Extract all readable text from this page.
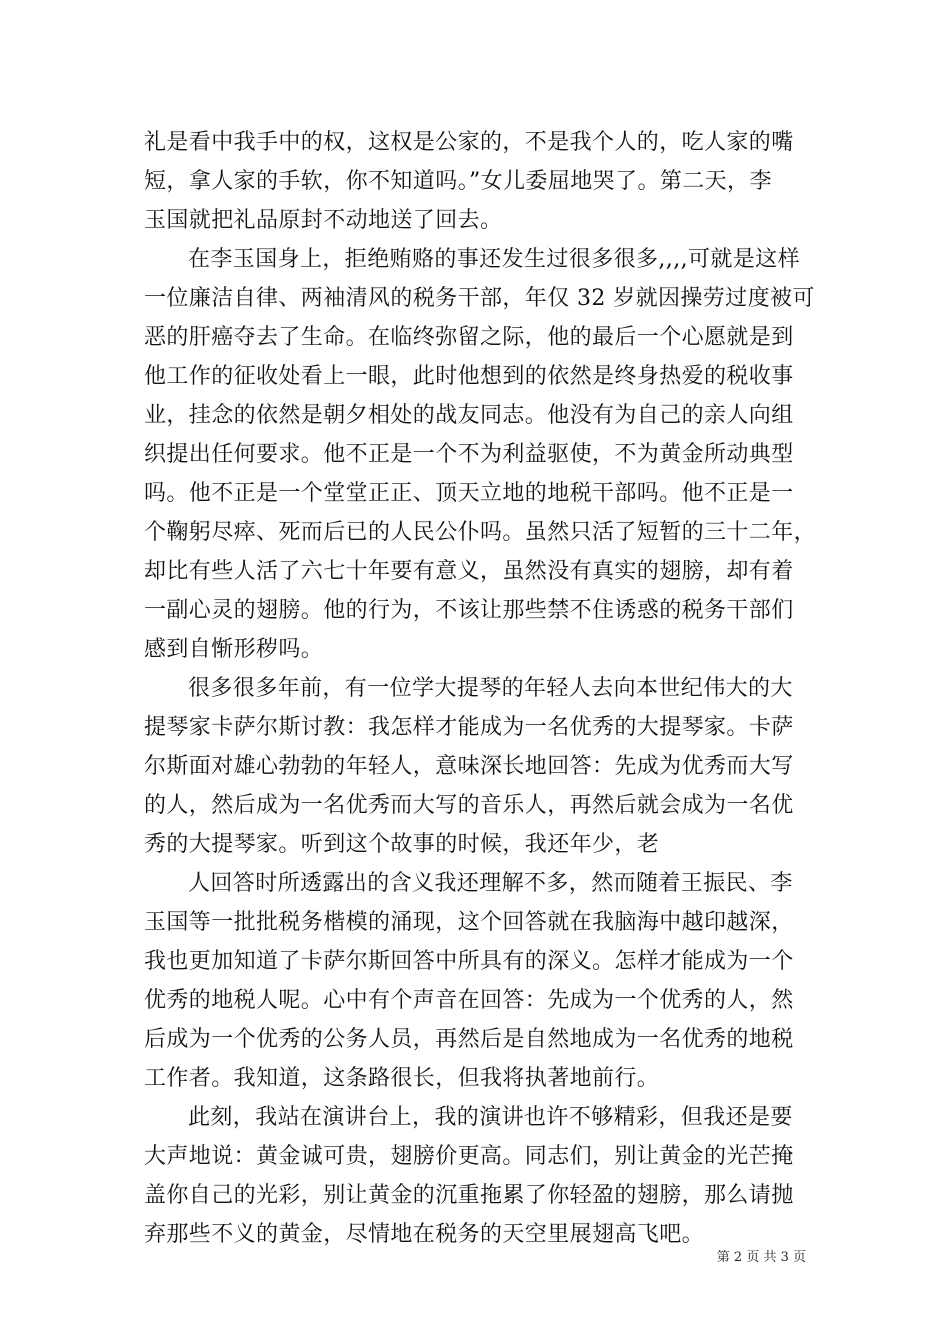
礼是看中我手中的权，这权是公家的，不是我个人的，吃人家的嘴
短，拿人家的手软，你不知道吗。”女儿委屈地哭了。第二天，李
玉国就把礼品原封不动地送了回去。
在李玉国身上，拒绝贿赂的事还发生过很多很多,,,,可就是这样
一位廉洁自律、两袖清风的税务干部，年仅 32 岁就因操劳过度被可
恶的肝癌夺去了生命。在临终弥留之际，他的最后一个心愿就是到
他工作的征收处看上一眼，此时他想到的依然是终身热爱的税收事
业，挂念的依然是朝夕相处的战友同志。他没有为自己的亲人向组
织提出任何要求。他不正是一个不为利益驱使，不为黄金所动典型
吗。他不正是一个堂堂正正、顶天立地的地税干部吗。他不正是一
个鞠躬尽瘁、死而后已的人民公仆吗。虽然只活了短暂的三十二年，
却比有些人活了六七十年要有意义，虽然没有真实的翅膀，却有着
一副心灵的翅膀。他的行为，不该让那些禁不住诱惑的税务干部们
感到自惭形秽吗。
很多很多年前，有一位学大提琴的年轻人去向本世纪伟大的大
提琴家卡萨尔斯讨教：我怎样才能成为一名优秀的大提琴家。卡萨
尔斯面对雄心勃勃的年轻人，意味深长地回答：先成为优秀而大写
的人，然后成为一名优秀而大写的音乐人，再然后就会成为一名优
秀的大提琴家。听到这个故事的时候，我还年少，老
人回答时所透露出的含义我还理解不多，然而随着王振民、李
玉国等一批批税务楷模的涌现，这个回答就在我脑海中越印越深，
我也更加知道了卡萨尔斯回答中所具有的深义。怎样才能成为一个
优秀的地税人呢。心中有个声音在回答：先成为一个优秀的人，然
后成为一个优秀的公务人员，再然后是自然地成为一名优秀的地税
工作者。我知道，这条路很长，但我将执著地前行。
此刻，我站在演讲台上，我的演讲也许不够精彩，但我还是要
大声地说：黄金诚可贵，翅膀价更高。同志们，别让黄金的光芒掩
盖你自己的光彩，别让黄金的沉重拖累了你轻盈的翅膀，那么请抛
弃那些不义的黄金，尽情地在税务的天空里展翅高飞吧。
第 2 页 共 3 页
